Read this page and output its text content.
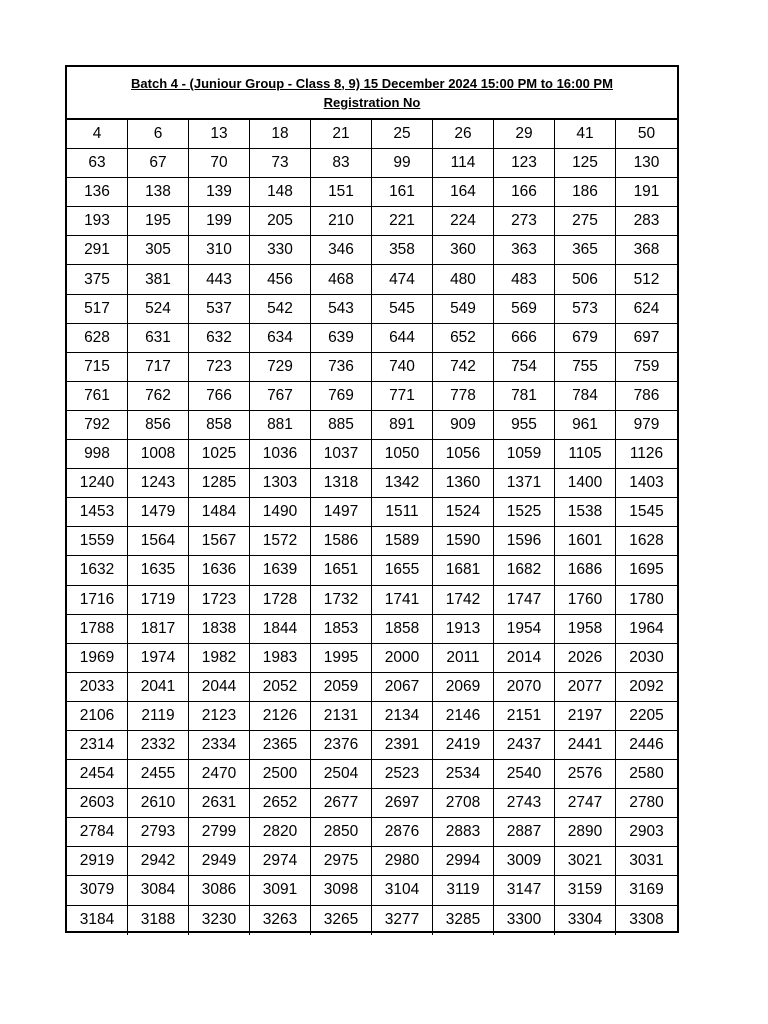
Batch 4 - (Juniour Group - Class 8, 9) 15 December 2024 15:00 PM to 16:00 PM
Registration No
4	6	13	18	21	25	26	29	41	50
63	67	70	73	83	99	114	123	125	130
136	138	139	148	151	161	164	166	186	191
193	195	199	205	210	221	224	273	275	283
291	305	310	330	346	358	360	363	365	368
375	381	443	456	468	474	480	483	506	512
517	524	537	542	543	545	549	569	573	624
628	631	632	634	639	644	652	666	679	697
715	717	723	729	736	740	742	754	755	759
761	762	766	767	769	771	778	781	784	786
792	856	858	881	885	891	909	955	961	979
998	1008	1025	1036	1037	1050	1056	1059	1105	1126
1240	1243	1285	1303	1318	1342	1360	1371	1400	1403
1453	1479	1484	1490	1497	1511	1524	1525	1538	1545
1559	1564	1567	1572	1586	1589	1590	1596	1601	1628
1632	1635	1636	1639	1651	1655	1681	1682	1686	1695
1716	1719	1723	1728	1732	1741	1742	1747	1760	1780
1788	1817	1838	1844	1853	1858	1913	1954	1958	1964
1969	1974	1982	1983	1995	2000	2011	2014	2026	2030
2033	2041	2044	2052	2059	2067	2069	2070	2077	2092
2106	2119	2123	2126	2131	2134	2146	2151	2197	2205
2314	2332	2334	2365	2376	2391	2419	2437	2441	2446
2454	2455	2470	2500	2504	2523	2534	2540	2576	2580
2603	2610	2631	2652	2677	2697	2708	2743	2747	2780
2784	2793	2799	2820	2850	2876	2883	2887	2890	2903
2919	2942	2949	2974	2975	2980	2994	3009	3021	3031
3079	3084	3086	3091	3098	3104	3119	3147	3159	3169
3184	3188	3230	3263	3265	3277	3285	3300	3304	3308
